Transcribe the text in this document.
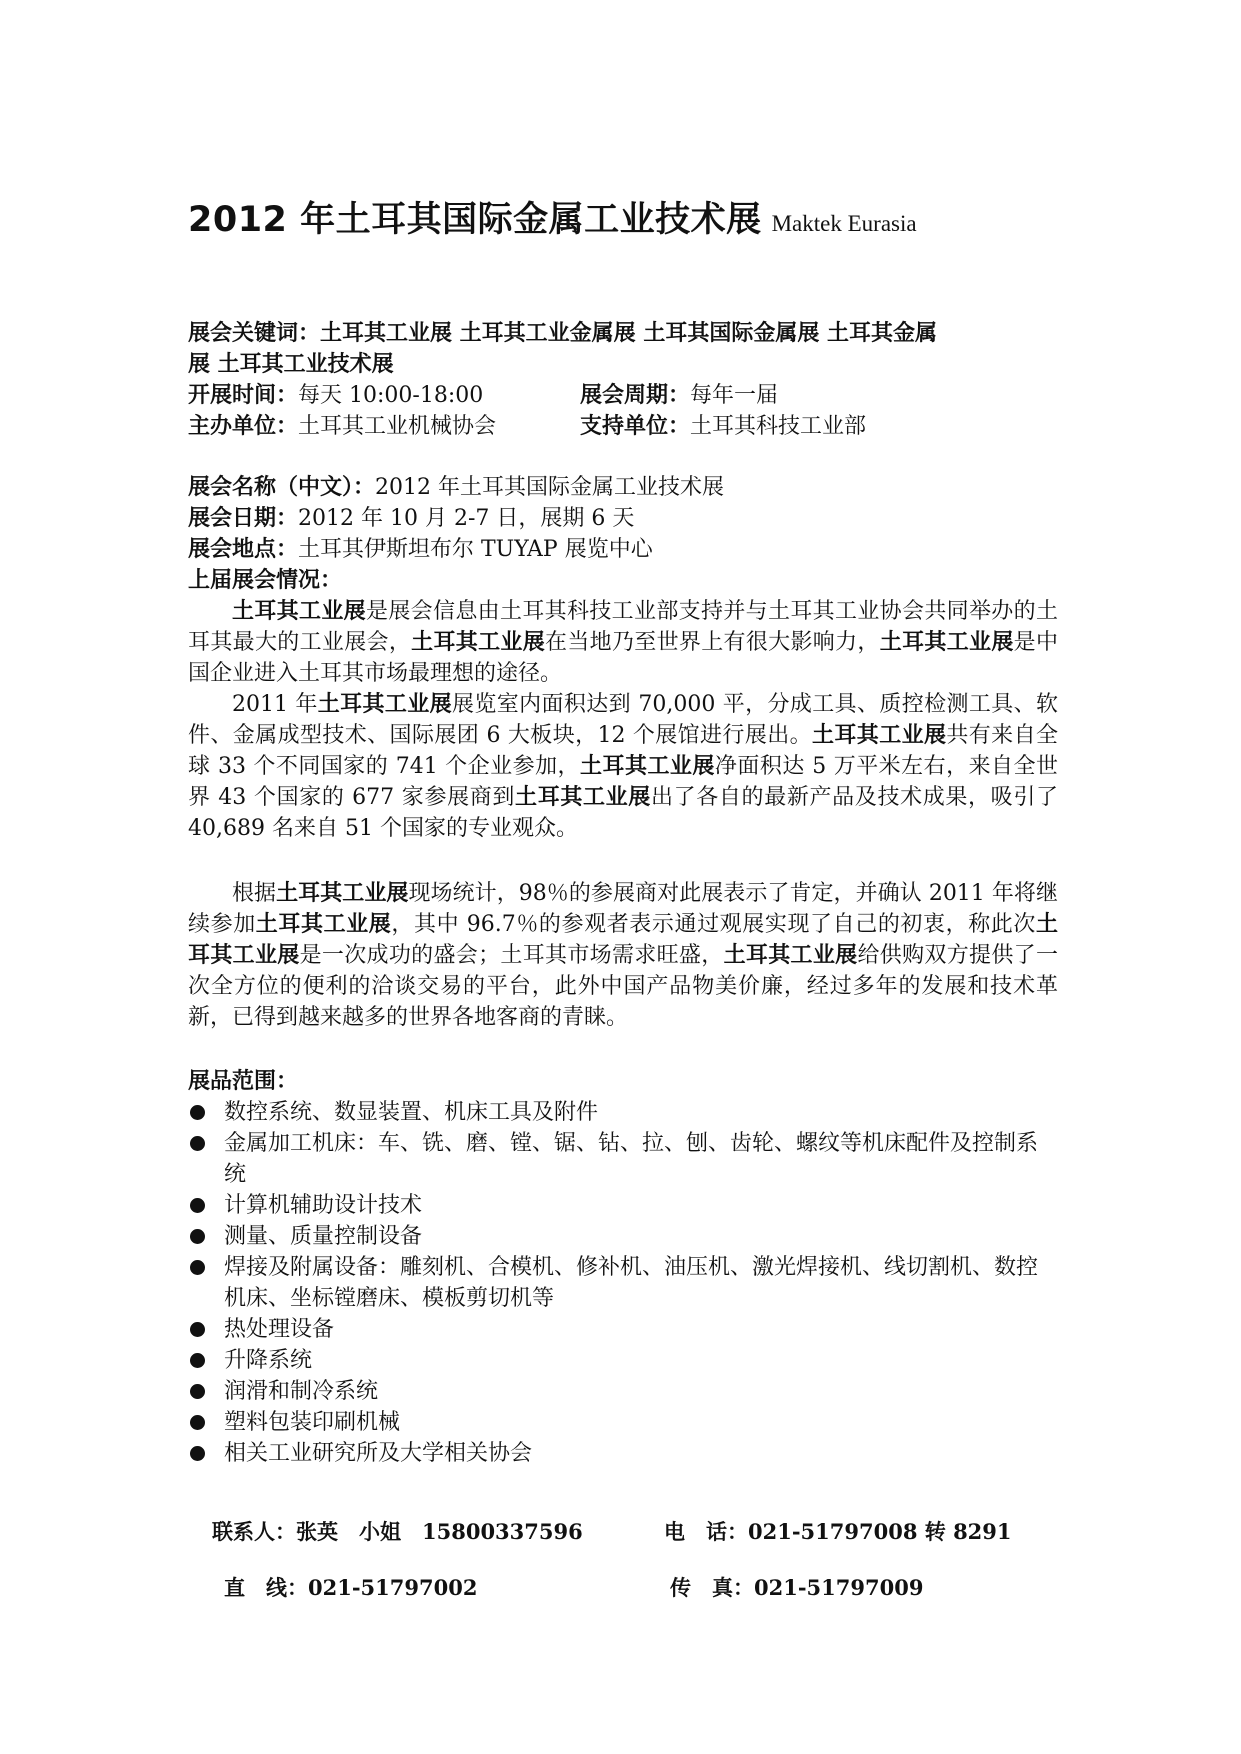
2012 年土耳其国际金属工业技术展 Maktek Eurasia
展会关键词：土耳其工业展 土耳其工业金属展 土耳其国际金属展 土耳其金属
展 土耳其工业技术展
开展时间：每天 10:00-18:00	展会周期：每年一届
主办单位：土耳其工业机械协会	支持单位：土耳其科技工业部
展会名称（中文）：2012 年土耳其国际金属工业技术展
展会日期：2012 年 10 月 2-7 日，展期 6 天
展会地点：土耳其伊斯坦布尔 TUYAP 展览中心
上届展会情况：

土耳其工业展是展会信息由土耳其科技工业部支持并与土耳其工业协会共同举办的土耳其最大的工业展会，土耳其工业展在当地乃至世界上有很大影响力，土耳其工业展是中国企业进入土耳其市场最理想的途径。

2011 年土耳其工业展展览室内面积达到 70,000 平，分成工具、质控检测工具、软件、金属成型技术、国际展团 6 大板块，12 个展馆进行展出。土耳其工业展共有来自全球 33 个不同国家的 741 个企业参加，土耳其工业展净面积达 5 万平米左右，来自全世界 43 个国家的 677 家参展商到土耳其工业展出了各自的最新产品及技术成果，吸引了 40,689 名来自 51 个国家的专业观众。

根据土耳其工业展现场统计，98％的参展商对此展表示了肯定，并确认 2011 年将继续参加土耳其工业展，其中 96.7％的参观者表示通过观展实现了自己的初衷，称此次土耳其工业展是一次成功的盛会；土耳其市场需求旺盛，土耳其工业展给供购双方提供了一次全方位的便利的洽谈交易的平台，此外中国产品物美价廉，经过多年的发展和技术革新，已得到越来越多的世界各地客商的青睐。

展品范围：
数控系统、数显装置、机床工具及附件
金属加工机床：车、铣、磨、镗、锯、钻、拉、刨、齿轮、螺纹等机床配件及控制系统
计算机辅助设计技术
测量、质量控制设备
焊接及附属设备：雕刻机、合模机、修补机、油压机、激光焊接机、线切割机、数控机床、坐标镗磨床、模板剪切机等
热处理设备
升降系统
润滑和制冷系统
塑料包装印刷机械
相关工业研究所及大学相关协会
联系人：张英　小姐　15800337596	电　话：021-51797008 转 8291
直　线：021-51797002	传　真：021-51797009
